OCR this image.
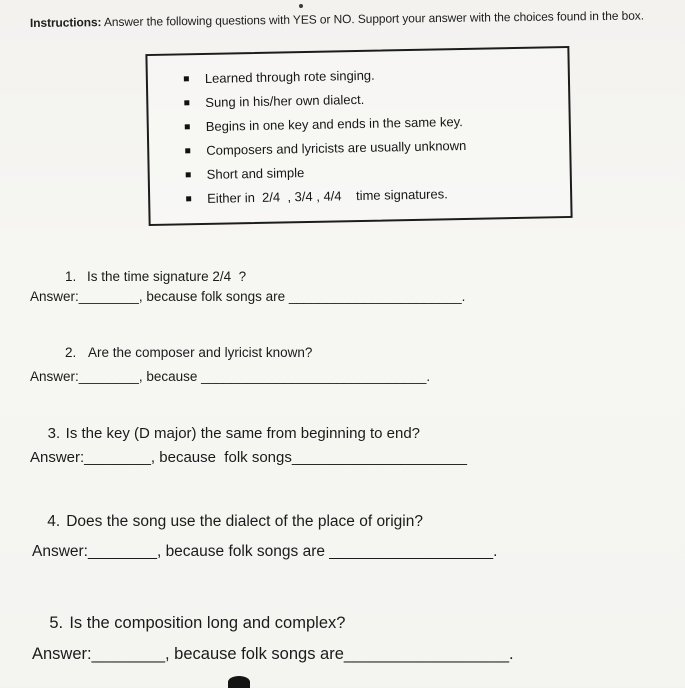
Instructions: Answer the following questions with YES or NO. Support your answer with the choices found in the box.

Learned through rote singing.
Sung in his/her own dialect.
Begins in one key and ends in the same key.
Composers and lyricists are usually unknown
Short and simple
Either in  2/4  , 3/4 , 4/4    time signatures.

1. Is the time signature 2/4  ?

Answer:________, because folk songs are _______________________.

2. Are the composer and lyricist known?

Answer:________, because ______________________________.

3. Is the key (D major) the same from beginning to end?

Answer:________, because  folk songs_____________________

4. Does the song use the dialect of the place of origin?

Answer:________, because folk songs are ___________________.

5. Is the composition long and complex?

Answer:________, because folk songs are__________________.
